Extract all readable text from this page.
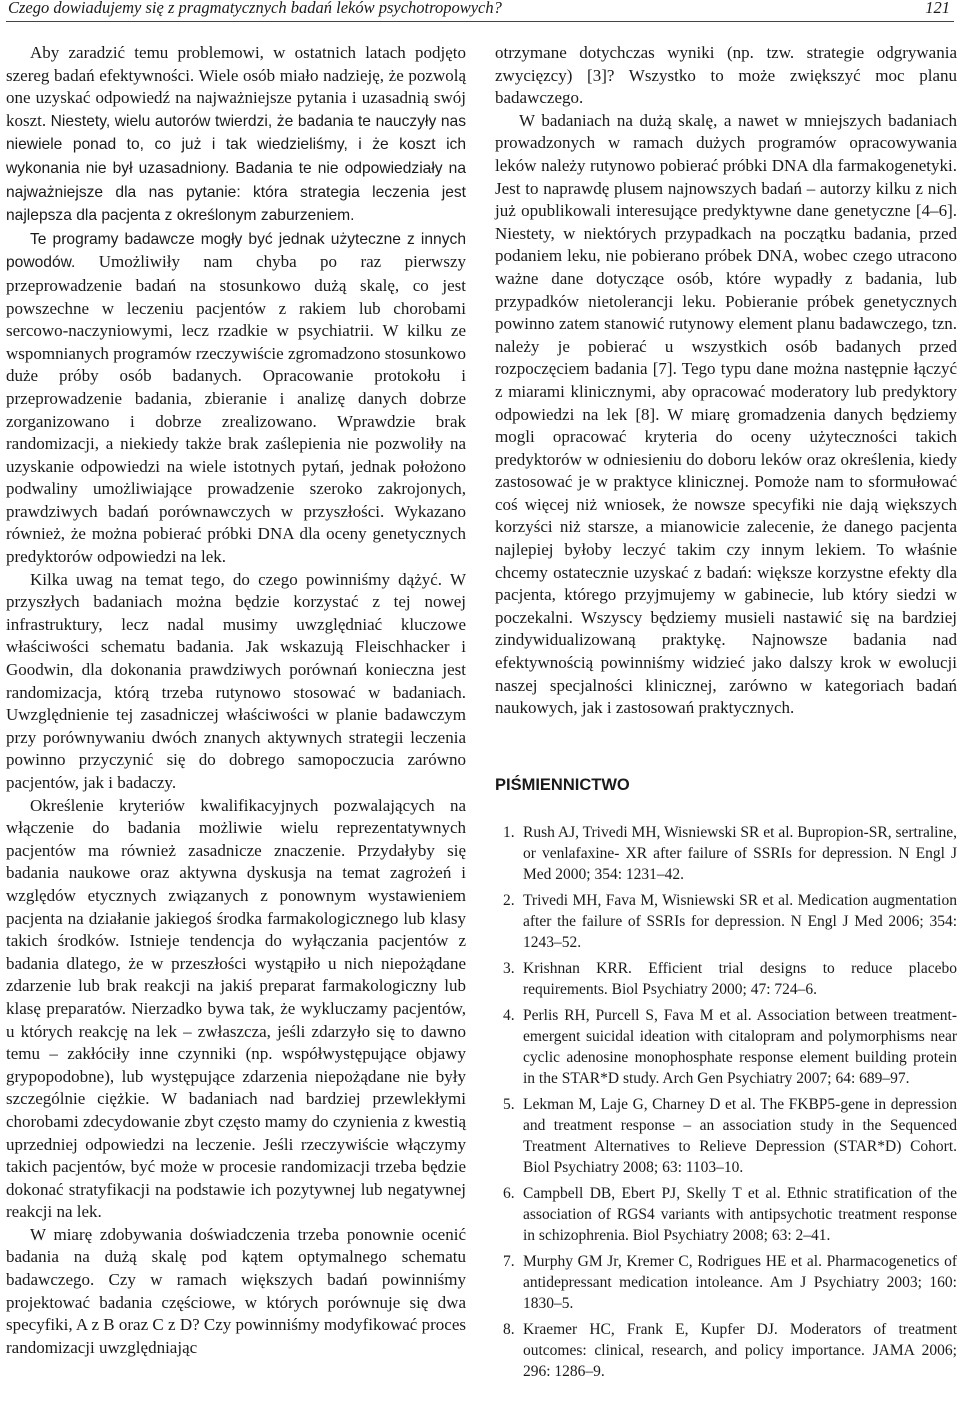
Czego dowiadujemy się z pragmatycznych badań leków psychotropowych?	121

Aby zaradzić temu problemowi, w ostatnich latach podjęto szereg badań efektywności. Wiele osób miało nadzieję, że pozwolą one uzyskać odpowiedź na najważniejsze pytania i uzasadnią swój koszt. Niestety, wielu autorów twierdzi, że badania te nauczyły nas niewiele ponad to, co już i tak wiedzieliśmy, i że koszt ich wykonania nie był uzasadniony. Badania te nie odpowiedziały na najważniejsze dla nas pytanie: która strategia leczenia jest najlepsza dla pacjenta z określonym zaburzeniem.

Te programy badawcze mogły być jednak użyteczne z innych powodów. Umożliwiły nam chyba po raz pierwszy przeprowadzenie badań na stosunkowo dużą skalę, co jest powszechne w leczeniu pacjentów z rakiem lub chorobami sercowo-naczyniowymi, lecz rzadkie w psychiatrii. W kilku ze wspomnianych programów rzeczywiście zgromadzono stosunkowo duże próby osób badanych. Opracowanie protokołu i przeprowadzenie badania, zbieranie i analizę danych dobrze zorganizowano i dobrze zrealizowano. Wprawdzie brak randomizacji, a niekiedy także brak zaślepienia nie pozwoliły na uzyskanie odpowiedzi na wiele istotnych pytań, jednak położono podwaliny umożliwiające prowadzenie szeroko zakrojonych, prawdziwych badań porównawczych w przyszłości. Wykazano również, że można pobierać próbki DNA dla oceny genetycznych predyktorów odpowiedzi na lek.

Kilka uwag na temat tego, do czego powinniśmy dążyć. W przyszłych badaniach można będzie korzystać z tej nowej infrastruktury, lecz nadal musimy uwzględniać kluczowe właściwości schematu badania. Jak wskazują Fleischhacker i Goodwin, dla dokonania prawdziwych porównań konieczna jest randomizacja, którą trzeba rutynowo stosować w badaniach. Uwzględnienie tej zasadniczej właściwości w planie badawczym przy porównywaniu dwóch znanych aktywnych strategii leczenia powinno przyczynić się do dobrego samopoczucia zarówno pacjentów, jak i badaczy.

Określenie kryteriów kwalifikacyjnych pozwalających na włączenie do badania możliwie wielu reprezentatywnych pacjentów ma również zasadnicze znaczenie. Przydałyby się badania naukowe oraz aktywna dyskusja na temat zagrożeń i względów etycznych związanych z ponownym wystawieniem pacjenta na działanie jakiegoś środka farmakologicznego lub klasy takich środków. Istnieje tendencja do wyłączania pacjentów z badania dlatego, że w przeszłości wystąpiło u nich niepożądane zdarzenie lub brak reakcji na jakiś preparat farmakologiczny lub klasę preparatów. Nierzadko bywa tak, że wykluczamy pacjentów, u których reakcję na lek – zwłaszcza, jeśli zdarzyło się to dawno temu – zakłóciły inne czynniki (np. współwystępujące objawy grypopodobne), lub występujące zdarzenia niepożądane nie były szczególnie ciężkie. W badaniach nad bardziej przewlekłymi chorobami zdecydowanie zbyt często mamy do czynienia z kwestią uprzedniej odpowiedzi na leczenie. Jeśli rzeczywiście włączymy takich pacjentów, być może w procesie randomizacji trzeba będzie dokonać stratyfikacji na podstawie ich pozytywnej lub negatywnej reakcji na lek.

W miarę zdobywania doświadczenia trzeba ponownie ocenić badania na dużą skalę pod kątem optymalnego schematu badawczego. Czy w ramach większych badań powinniśmy projektować badania częściowe, w których porównuje się dwa specyfiki, A z B oraz C z D? Czy powinniśmy modyfikować proces randomizacji uwzględniając

otrzymane dotychczas wyniki (np. tzw. strategie odgrywania zwycięzcy) [3]? Wszystko to może zwiększyć moc planu badawczego.

W badaniach na dużą skalę, a nawet w mniejszych badaniach prowadzonych w ramach dużych programów opracowywania leków należy rutynowo pobierać próbki DNA dla farmakogenetyki. Jest to naprawdę plusem najnowszych badań – autorzy kilku z nich już opublikowali interesujące predyktywne dane genetyczne [4–6]. Niestety, w niektórych przypadkach na początku badania, przed podaniem leku, nie pobierano próbek DNA, wobec czego utracono ważne dane dotyczące osób, które wypadły z badania, lub przypadków nietolerancji leku. Pobieranie próbek genetycznych powinno zatem stanowić rutynowy element planu badawczego, tzn. należy je pobierać u wszystkich osób badanych przed rozpoczęciem badania [7]. Tego typu dane można następnie łączyć z miarami klinicznymi, aby opracować moderatory lub predyktory odpowiedzi na lek [8]. W miarę gromadzenia danych będziemy mogli opracować kryteria do oceny użyteczności takich predyktorów w odniesieniu do doboru leków oraz określenia, kiedy zastosować je w praktyce klinicznej. Pomoże nam to sformułować coś więcej niż wniosek, że nowsze specyfiki nie dają większych korzyści niż starsze, a mianowicie zalecenie, że danego pacjenta najlepiej byłoby leczyć takim czy innym lekiem. To właśnie chcemy ostatecznie uzyskać z badań: większe korzystne efekty dla pacjenta, którego przyjmujemy w gabinecie, lub który siedzi w poczekalni. Wszyscy będziemy musieli nastawić się na bardziej zindywidualizowaną praktykę. Najnowsze badania nad efektywnością powinniśmy widzieć jako dalszy krok w ewolucji naszej specjalności klinicznej, zarówno w kategoriach badań naukowych, jak i zastosowań praktycznych.

PIŚMIENNICTWO
1. Rush AJ, Trivedi MH, Wisniewski SR et al. Bupropion-SR, sertraline, or venlafaxine- XR after failure of SSRIs for depression. N Engl J Med 2000; 354: 1231–42.
2. Trivedi MH, Fava M, Wisniewski SR et al. Medication augmentation after the failure of SSRIs for depression. N Engl J Med 2006; 354: 1243–52.
3. Krishnan KRR. Efficient trial designs to reduce placebo requirements. Biol Psychiatry 2000; 47: 724–6.
4. Perlis RH, Purcell S, Fava M et al. Association between treatment-emergent suicidal ideation with citalopram and polymorphisms near cyclic adenosine monophosphate response element building protein in the STAR*D study. Arch Gen Psychiatry 2007; 64: 689–97.
5. Lekman M, Laje G, Charney D et al. The FKBP5-gene in depression and treatment response – an association study in the Sequenced Treatment Alternatives to Relieve Depression (STAR*D) Cohort. Biol Psychiatry 2008; 63: 1103–10.
6. Campbell DB, Ebert PJ, Skelly T et al. Ethnic stratification of the association of RGS4 variants with antipsychotic treatment response in schizophrenia. Biol Psychiatry 2008; 63: 2–41.
7. Murphy GM Jr, Kremer C, Rodrigues HE et al. Pharmacogenetics of antidepressant medication intoleance. Am J Psychiatry 2003; 160: 1830–5.
8. Kraemer HC, Frank E, Kupfer DJ. Moderators of treatment outcomes: clinical, research, and policy importance. JAMA 2006; 296: 1286–9.
